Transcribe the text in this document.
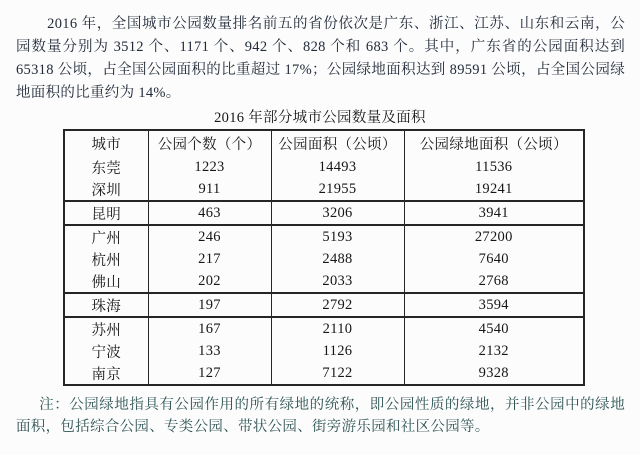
2016 年，全国城市公园数量排名前五的省份依次是广东、浙江、江苏、山东和云南，公园数量分别为 3512 个、1171 个、942 个、828 个和 683 个。其中，广东省的公园面积达到 65318 公顷，占全国公园面积的比重超过 17%；公园绿地面积达到 89591 公顷，占全国公园绿地面积的比重约为 14%。
2016 年部分城市公园数量及面积
城市	公园个数（个）	公园面积（公顷）	公园绿地面积（公顷）
东莞	1223	14493	11536
深圳	911	21955	19241
昆明	463	3206	3941
广州	246	5193	27200
杭州	217	2488	7640
佛山	202	2033	2768
珠海	197	2792	3594
苏州	167	2110	4540
宁波	133	1126	2132
南京	127	7122	9328
注：公园绿地指具有公园作用的所有绿地的统称，即公园性质的绿地，并非公园中的绿地面积，包括综合公园、专类公园、带状公园、街旁游乐园和社区公园等。
